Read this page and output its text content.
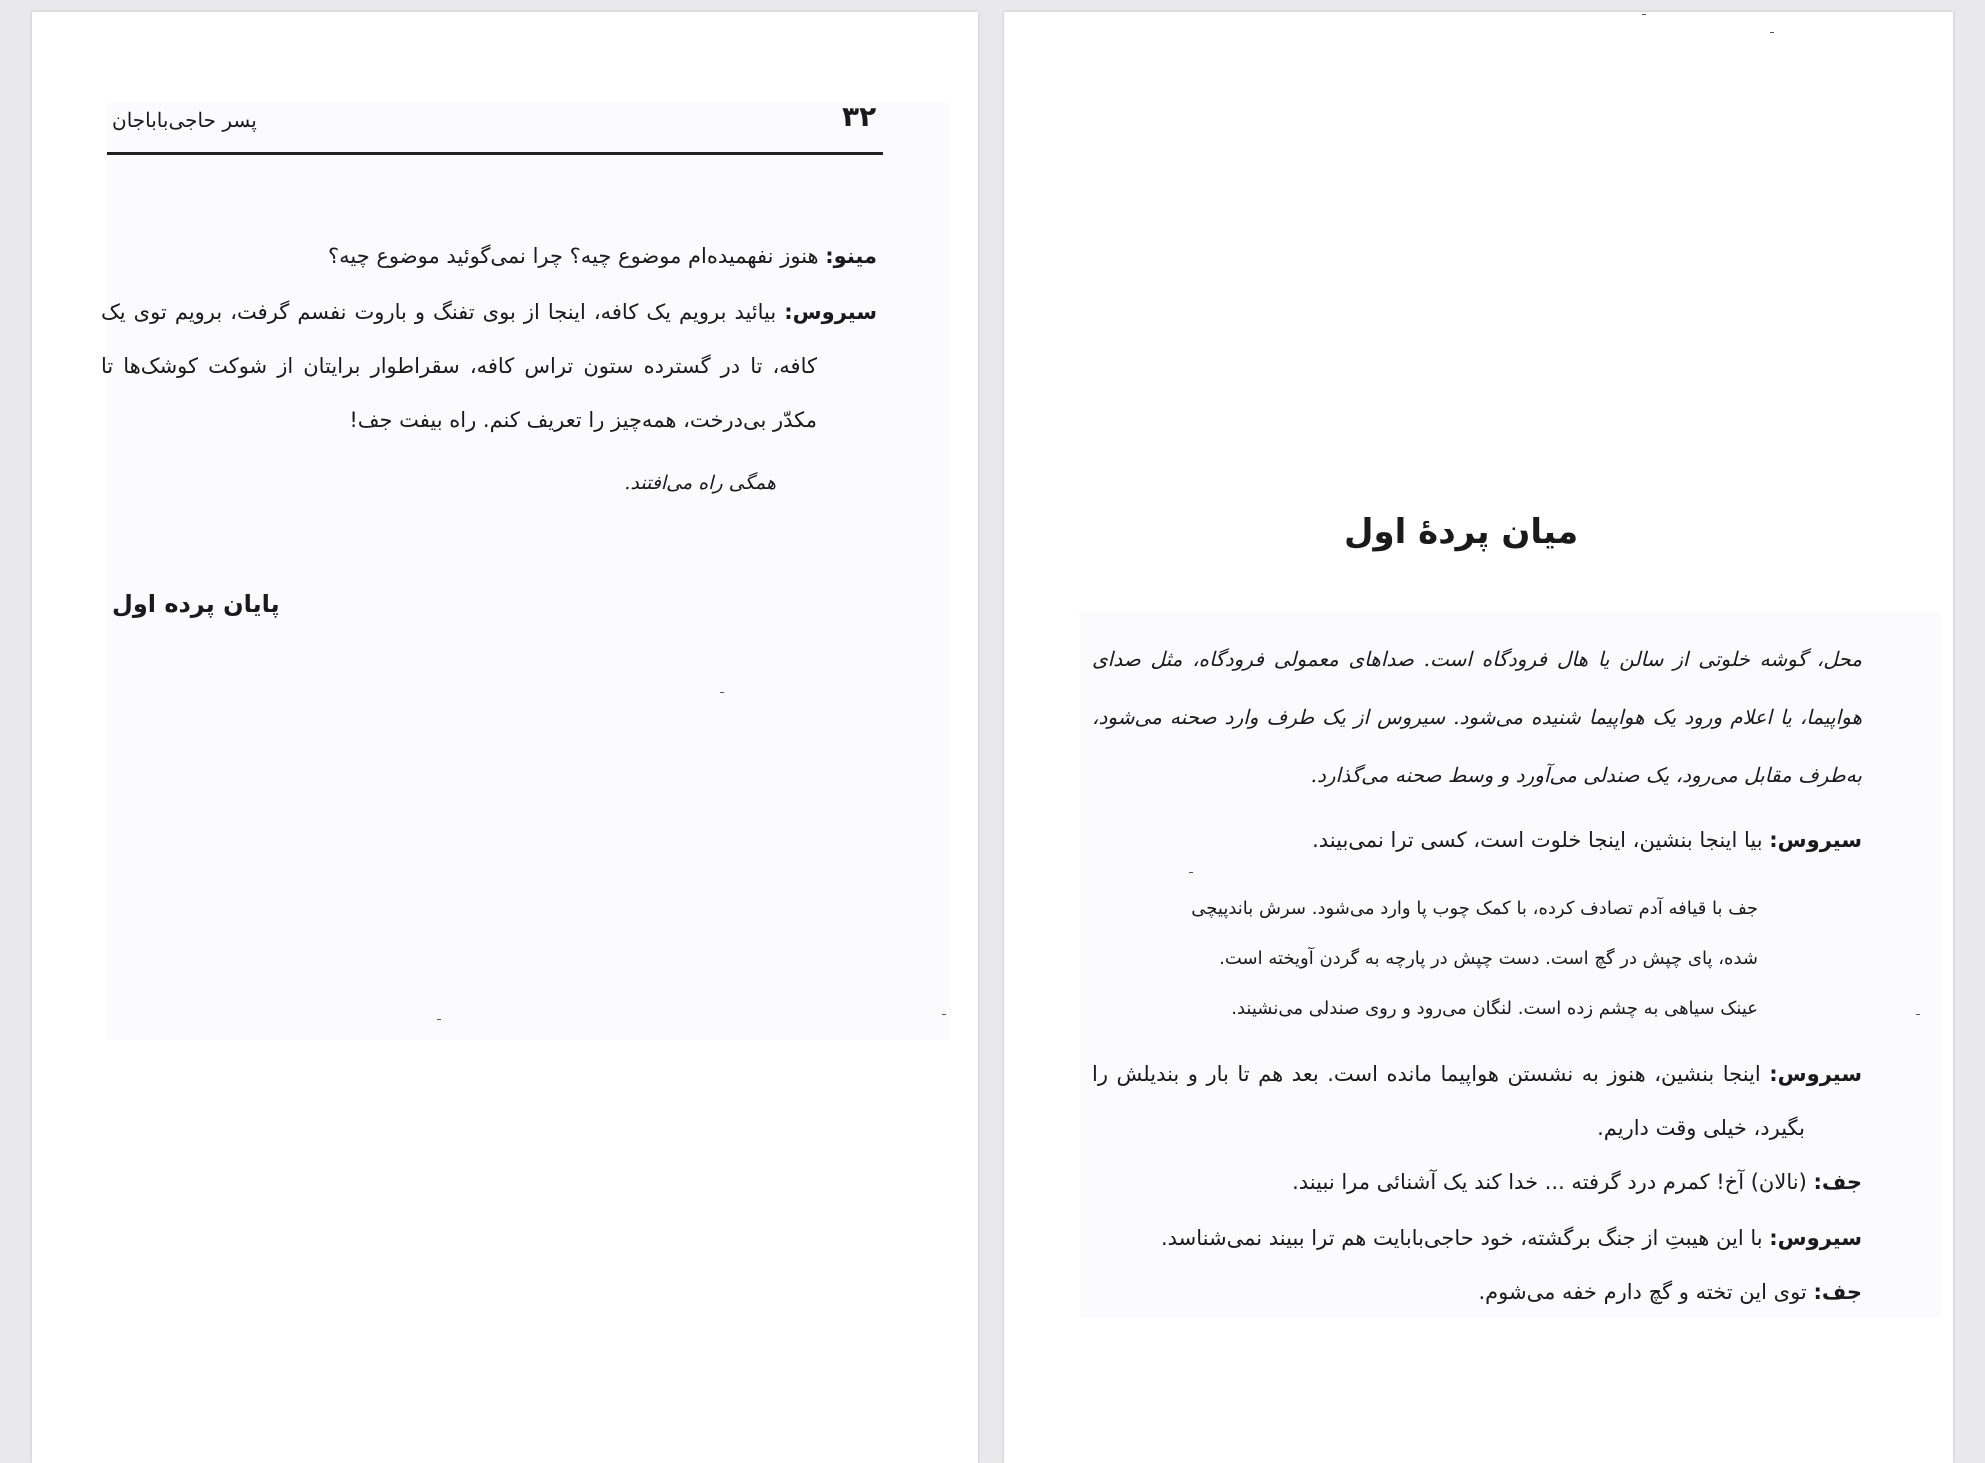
۳۲
پسر حاجی‌باباجان
مینو: هنوز نفهمیده‌ام موضوع چیه؟ چرا نمی‌گوئید موضوع چیه؟
سیروس: بیائید برویم یک کافه، اینجا از بوی تفنگ و باروت نفسم گرفت، برویم توی یک
کافه، تا در گسترده ستون تراس کافه، سقراطوار برایتان از شوکت کوشک‌ها تا
مکدّر بی‌درخت، همه‌چیز را تعریف کنم. راه بیفت جف!
همگی راه می‌افتند.
پایان پرده اول
میان پردهٔ اول
محل، گوشه خلوتی از سالن یا هال فرودگاه است. صداهای معمولی فرودگاه، مثل صدای
هواپیما، یا اعلام ورود یک هواپیما شنیده می‌شود. سیروس از یک طرف وارد صحنه می‌شود،
به‌طرف مقابل می‌رود، یک صندلی می‌آورد و وسط صحنه می‌گذارد.
سیروس: بیا اینجا بنشین، اینجا خلوت است، کسی ترا نمی‌بیند.
جف با قیافه آدم تصادف کرده، با کمک چوب پا وارد می‌شود. سرش باندپیچی
شده، پای چپش در گچ است. دست چپش در پارچه به گردن آویخته است.
عینک سیاهی به چشم زده است. لنگان می‌رود و روی صندلی می‌نشیند.
سیروس: اینجا بنشین، هنوز به نشستن هواپیما مانده است. بعد هم تا بار و بندیلش را
بگیرد، خیلی وقت داریم.
جف: (نالان) آخ! کمرم درد گرفته ... خدا کند یک آشنائی مرا نبیند.
سیروس: با این هیبتِ از جنگ برگشته، خود حاجی‌بابایت هم ترا ببیند نمی‌شناسد.
جف: توی این تخته و گچ دارم خفه می‌شوم.
